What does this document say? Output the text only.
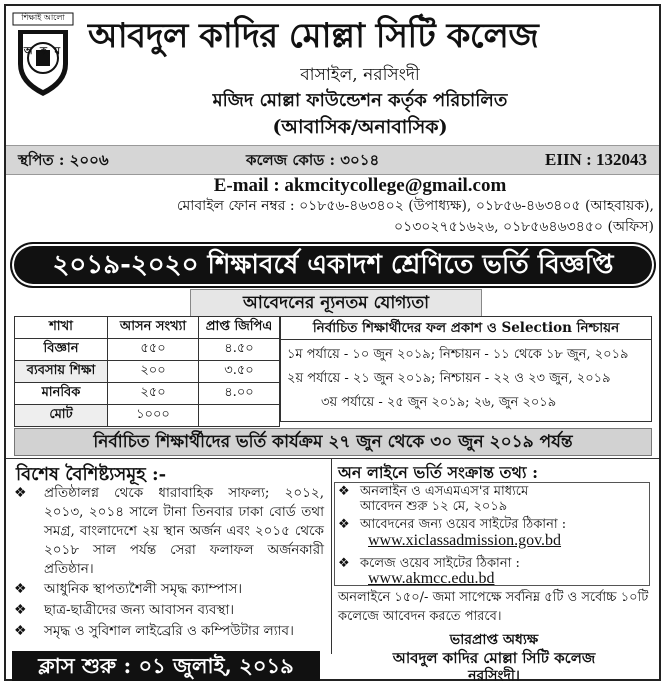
শিক্ষাই আলো
অ ক ম আবদুল কাদির মোল্লা সিটি কলেজ
বাসাইল, নরসিংদী
মজিদ মোল্লা ফাউন্ডেশন কর্তৃক পরিচালিত
(আবাসিক/অনাবাসিক)
স্থপিত : ২০০৬	কলেজ কোড : ৩০১৪	EIIN : 132043
E-mail : akmcitycollege@gmail.com
মোবাইল ফোন নম্বর : ০১৮৫৬-৪৬৩৪০২ (উপাধ্যক্ষ), ০১৮৫৬-৪৬৩৪০৫ (আহবায়ক),
০১৩০২৭৫১৬২৬, ০১৮৫৬৪৬৩৪৫০ (অফিস)
২০১৯-২০২০ শিক্ষাবর্ষে একাদশ শ্রেণিতে ভর্তি বিজ্ঞপ্তি
আবেদনের ন্যূনতম যোগ্যতা
শাখা	আসন সংখ্যা	প্রাপ্ত জিপিএ
বিজ্ঞান	৫৫০	৪.৫০
ব্যবসায় শিক্ষা	২০০	৩.৫০
মানবিক	২৫০	৪.০০
মোট	১০০০	
নির্বাচিত শিক্ষার্থীদের ফল প্রকাশ ও Selection নিশ্চায়ন
১ম পর্যায়ে - ১০ জুন ২০১৯; নিশ্চায়ন - ১১ থেকে ১৮ জুন, ২০১৯
২য় পর্যায়ে - ২১ জুন ২০১৯; নিশ্চায়ন - ২২ ও ২৩ জুন, ২০১৯
৩য় পর্যায়ে - ২৫ জুন ২০১৯; ২৬, জুন ২০১৯
নির্বাচিত শিক্ষার্থীদের ভর্তি কার্যক্রম ২৭ জুন থেকে ৩০ জুন ২০১৯ পর্যন্ত
বিশেষ বৈশিষ্ট্যসমূহ :-
❖	প্রতিষ্ঠালগ্ন থেকে ধারাবাহিক সাফল্য; ২০১২, ২০১৩, ২০১৪ সালে টানা তিনবার ঢাকা বোর্ড তথা সমগ্র, বাংলাদেশে ২য় স্থান অর্জন এবং ২০১৫ থেকে ২০১৮ সাল পর্যন্ত সেরা ফলাফল অর্জনকারী প্রতিষ্ঠান।
❖	আধুনিক স্থাপত্যশৈলী সমৃদ্ধ ক্যাম্পাস।
❖	ছাত্র-ছাত্রীদের জন্য আবাসন ব্যবস্থা।
❖	সমৃদ্ধ ও সুবিশাল লাইব্রেরি ও কম্পিউটার ল্যাব।
ক্লাস শুরু : ০১ জুলাই, ২০১৯
অন লাইনে ভর্তি সংক্রান্ত তথ্য :
❖ অনলাইন ও এসএমএস'র মাধ্যমে
আবেদন শুরু ১২ মে, ২০১৯
❖ আবেদনের জন্য ওয়েব সাইটের ঠিকানা :
www.xiclassadmission.gov.bd
❖ কলেজ ওয়েব সাইটের ঠিকানা :
www.akmcc.edu.bd
অনলাইনে ১৫০/- জমা সাপেক্ষে সর্বনিম্ন ৫টি ও সর্বোচ্চ ১০টি কলেজে আবেদন করতে পারবে।
ভারপ্রাপ্ত অধ্যক্ষ
আবদুল কাদির মোল্লা সিটি কলেজ
নরসিংদী।
